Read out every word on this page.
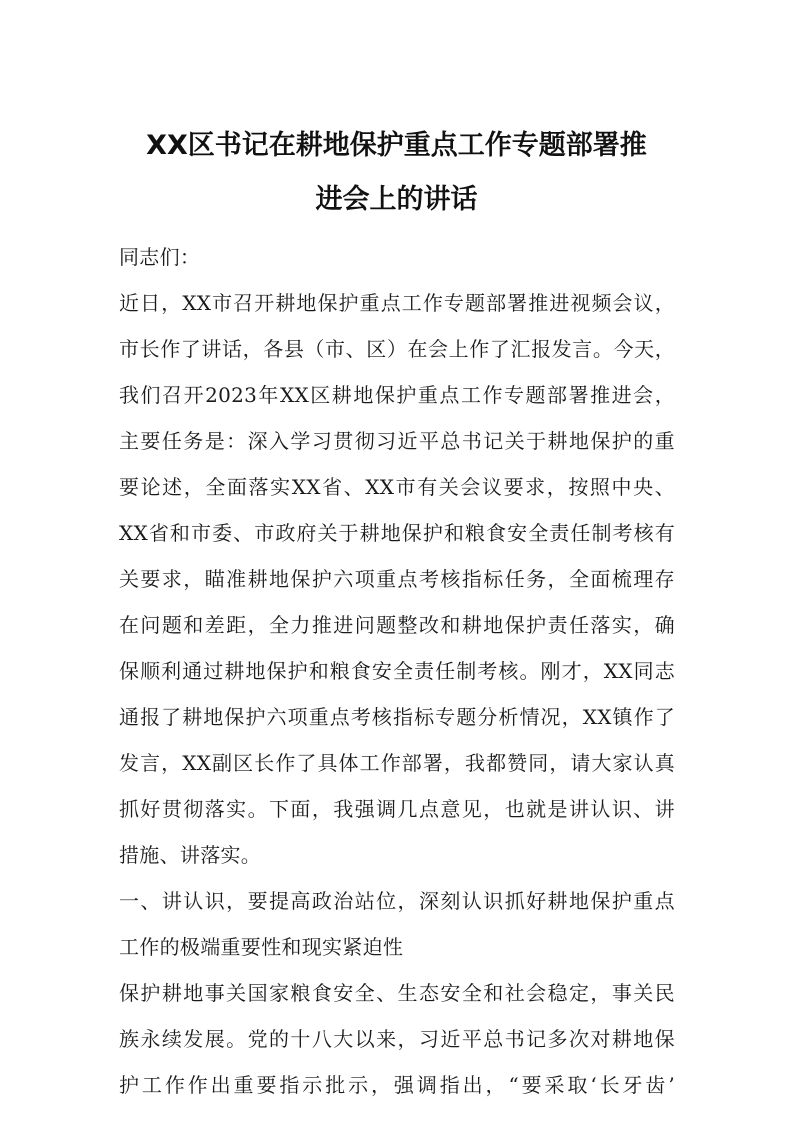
XX区书记在耕地保护重点工作专题部署推
进会上的讲话
同志们：
近日，XX市召开耕地保护重点工作专题部署推进视频会议，
市长作了讲话，各县（市、区）在会上作了汇报发言。今天，
我们召开2023年XX区耕地保护重点工作专题部署推进会，
主要任务是：深入学习贯彻习近平总书记关于耕地保护的重
要论述，全面落实XX省、XX市有关会议要求，按照中央、
XX省和市委、市政府关于耕地保护和粮食安全责任制考核有
关要求，瞄准耕地保护六项重点考核指标任务，全面梳理存
在问题和差距，全力推进问题整改和耕地保护责任落实，确
保顺利通过耕地保护和粮食安全责任制考核。刚才，XX同志
通报了耕地保护六项重点考核指标专题分析情况，XX镇作了
发言，XX副区长作了具体工作部署，我都赞同，请大家认真
抓好贯彻落实。下面，我强调几点意见，也就是讲认识、讲
措施、讲落实。
一、讲认识，要提高政治站位，深刻认识抓好耕地保护重点
工作的极端重要性和现实紧迫性
保护耕地事关国家粮食安全、生态安全和社会稳定，事关民
族永续发展。党的十八大以来，习近平总书记多次对耕地保
护工作作出重要指示批示，强调指出，“要采取‘长牙齿’
